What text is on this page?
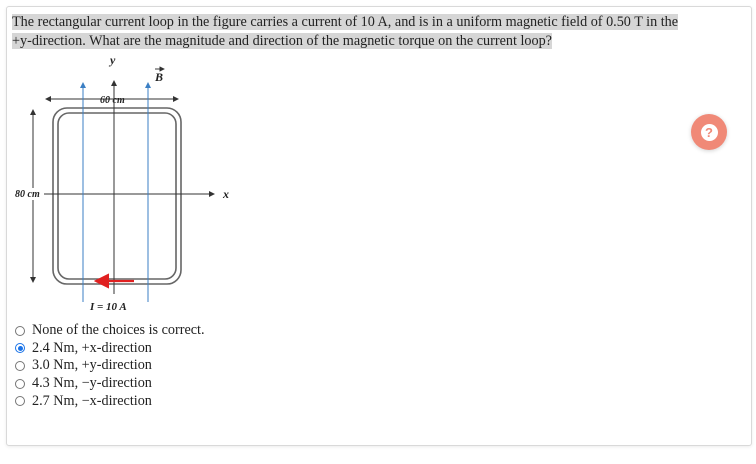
The rectangular current loop in the figure carries a current of 10 A, and is in a uniform magnetic field of 0.50 T in the
+y-direction. What are the magnitude and direction of the magnetic torque on the current loop?
60 cm
80 cm	x
y
B
I = 10 A
?
None of the choices is correct.
2.4 Nm, +x-direction
3.0 Nm, +y-direction
4.3 Nm, −y-direction
2.7 Nm, −x-direction
